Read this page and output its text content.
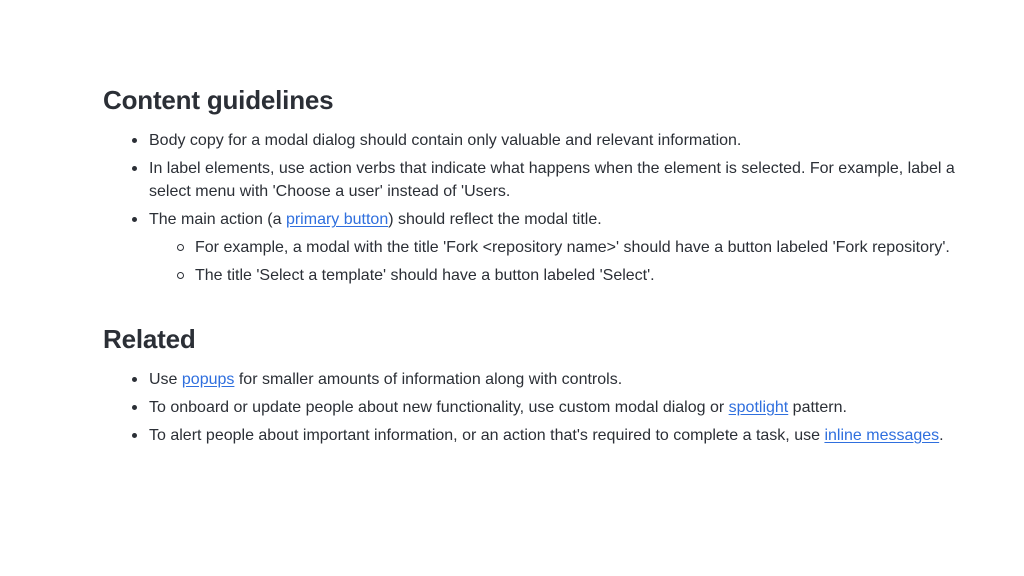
Content guidelines
Body copy for a modal dialog should contain only valuable and relevant information.
In label elements, use action verbs that indicate what happens when the element is selected. For example, label a select menu with 'Choose a user' instead of 'Users.
The main action (a primary button) should reflect the modal title.
For example, a modal with the title 'Fork <repository name>' should have a button labeled 'Fork repository'.
The title 'Select a template' should have a button labeled 'Select'.
Related
Use popups for smaller amounts of information along with controls.
To onboard or update people about new functionality, use custom modal dialog or spotlight pattern.
To alert people about important information, or an action that's required to complete a task, use inline messages.
